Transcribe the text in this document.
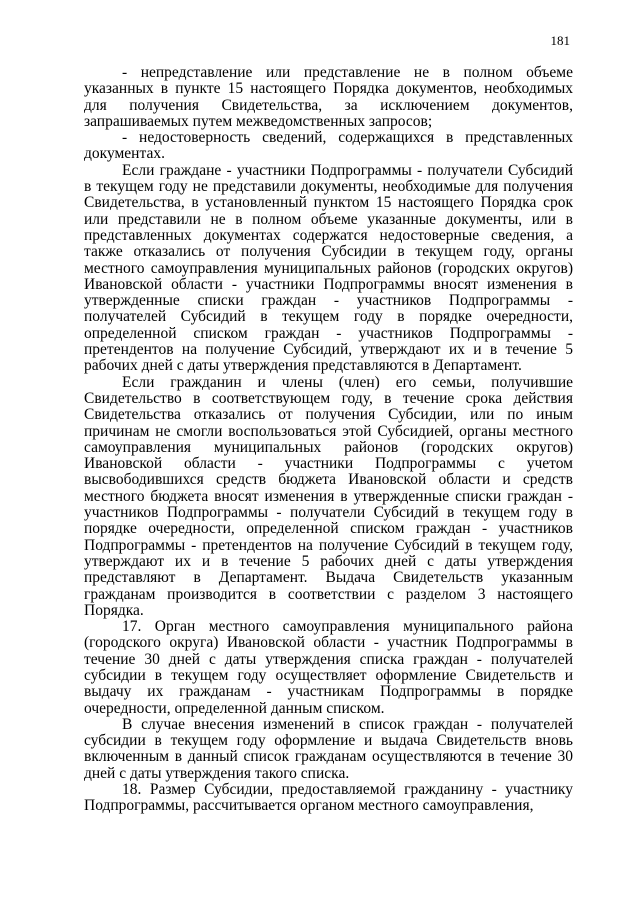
181

- непредставление или представление не в полном объеме указанных в пункте 15 настоящего Порядка документов, необходимых для получения Свидетельства, за исключением документов, запрашиваемых путем межведомственных запросов;

- недостоверность сведений, содержащихся в представленных документах.

Если граждане - участники Подпрограммы - получатели Субсидий в текущем году не представили документы, необходимые для получения Свидетельства, в установленный пунктом 15 настоящего Порядка срок или представили не в полном объеме указанные документы, или в представленных документах содержатся недостоверные сведения, а также отказались от получения Субсидии в текущем году, органы местного самоуправления муниципальных районов (городских округов) Ивановской области - участники Подпрограммы вносят изменения в утвержденные списки граждан - участников Подпрограммы - получателей Субсидий в текущем году в порядке очередности, определенной списком граждан - участников Подпрограммы - претендентов на получение Субсидий, утверждают их и в течение 5 рабочих дней с даты утверждения представляются в Департамент.

Если гражданин и члены (член) его семьи, получившие Свидетельство в соответствующем году, в течение срока действия Свидетельства отказались от получения Субсидии, или по иным причинам не смогли воспользоваться этой Субсидией, органы местного самоуправления муниципальных районов (городских округов) Ивановской области - участники Подпрограммы с учетом высвободившихся средств бюджета Ивановской области и средств местного бюджета вносят изменения в утвержденные списки граждан - участников Подпрограммы - получатели Субсидий в текущем году в порядке очередности, определенной списком граждан - участников Подпрограммы - претендентов на получение Субсидий в текущем году, утверждают их и в течение 5 рабочих дней с даты утверждения представляют в Департамент. Выдача Свидетельств указанным гражданам производится в соответствии с разделом 3 настоящего Порядка.

17. Орган местного самоуправления муниципального района (городского округа) Ивановской области - участник Подпрограммы в течение 30 дней с даты утверждения списка граждан - получателей субсидии в текущем году осуществляет оформление Свидетельств и выдачу их гражданам - участникам Подпрограммы в порядке очередности, определенной данным списком.

В случае внесения изменений в список граждан - получателей субсидии в текущем году оформление и выдача Свидетельств вновь включенным в данный список гражданам осуществляются в течение 30 дней с даты утверждения такого списка.

18. Размер Субсидии, предоставляемой гражданину - участнику Подпрограммы, рассчитывается органом местного самоуправления,
